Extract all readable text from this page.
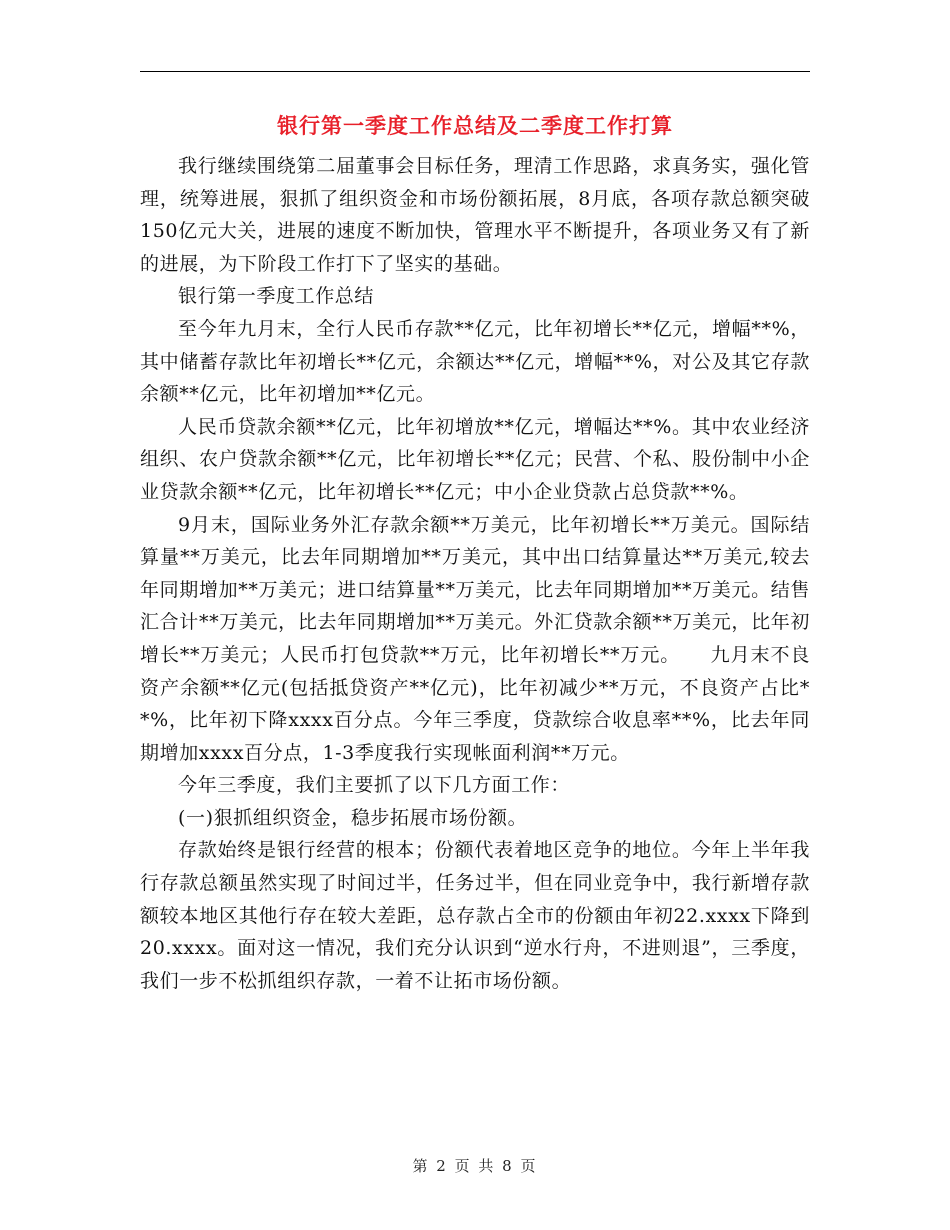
银行第一季度工作总结及二季度工作打算

我行继续围绕第二届董事会目标任务，理清工作思路，求真务实，强化管理，统筹进展，狠抓了组织资金和市场份额拓展，8月底，各项存款总额突破150亿元大关，进展的速度不断加快，管理水平不断提升，各项业务又有了新的进展，为下阶段工作打下了坚实的基础。

银行第一季度工作总结

至今年九月末，全行人民币存款**亿元，比年初增长**亿元，增幅**%，其中储蓄存款比年初增长**亿元，余额达**亿元，增幅**%，对公及其它存款余额**亿元，比年初增加**亿元。

人民币贷款余额**亿元，比年初增放**亿元，增幅达**%。其中农业经济组织、农户贷款余额**亿元，比年初增长**亿元；民营、个私、股份制中小企业贷款余额**亿元，比年初增长**亿元；中小企业贷款占总贷款**%。

9月末，国际业务外汇存款余额**万美元，比年初增长**万美元。国际结算量**万美元，比去年同期增加**万美元，其中出口结算量达**万美元,较去年同期增加**万美元；进口结算量**万美元，比去年同期增加**万美元。结售汇合计**万美元，比去年同期增加**万美元。外汇贷款余额**万美元，比年初增长**万美元；人民币打包贷款**万元，比年初增长**万元。　　九月末不良资产余额**亿元(包括抵贷资产**亿元)，比年初减少**万元，不良资产占比**%，比年初下降xxxx百分点。今年三季度，贷款综合收息率**%，比去年同期增加xxxx百分点，1-3季度我行实现帐面利润**万元。

今年三季度，我们主要抓了以下几方面工作：

(一)狠抓组织资金，稳步拓展市场份额。

存款始终是银行经营的根本；份额代表着地区竞争的地位。今年上半年我行存款总额虽然实现了时间过半，任务过半，但在同业竞争中，我行新增存款额较本地区其他行存在较大差距，总存款占全市的份额由年初22.xxxx下降到20.xxxx。面对这一情况，我们充分认识到“逆水行舟，不进则退”，三季度，我们一步不松抓组织存款，一着不让拓市场份额。

第 2 页 共 8 页
